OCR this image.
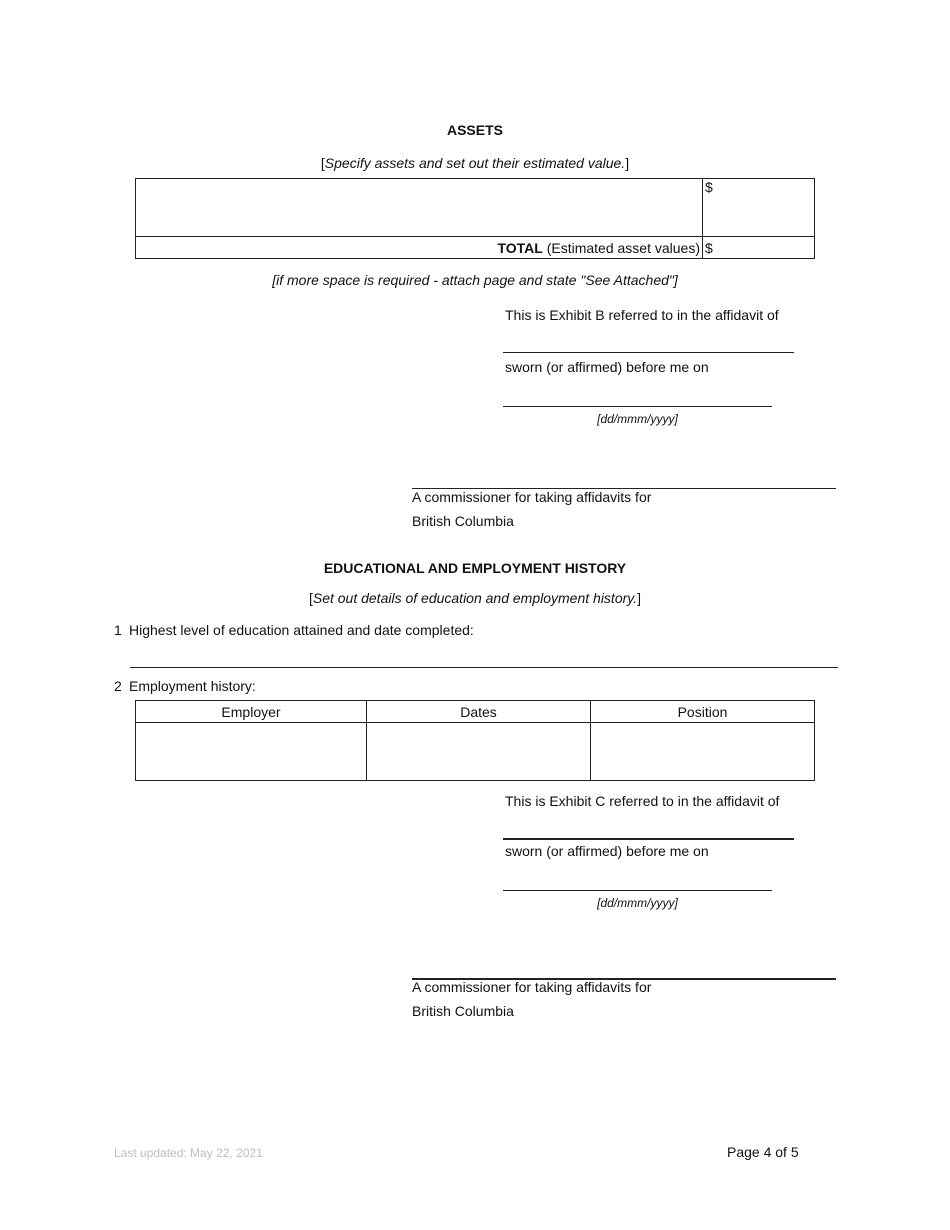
ASSETS
[Specify assets and set out their estimated value.]

$

TOTAL (Estimated asset values)	$
[if more space is required - attach page and state "See Attached"]
This is Exhibit B referred to in the affidavit of
sworn (or affirmed) before me on
[dd/mmm/yyyy]
A commissioner for taking affidavits for
British Columbia
EDUCATIONAL AND EMPLOYMENT HISTORY
[Set out details of education and employment history.]
1 Highest level of education attained and date completed:
2 Employment history:
Employer	Dates	Position

This is Exhibit C referred to in the affidavit of
sworn (or affirmed) before me on
[dd/mmm/yyyy]
A commissioner for taking affidavits for
British Columbia
Last updated: May 22, 2021	Page 4 of 5
